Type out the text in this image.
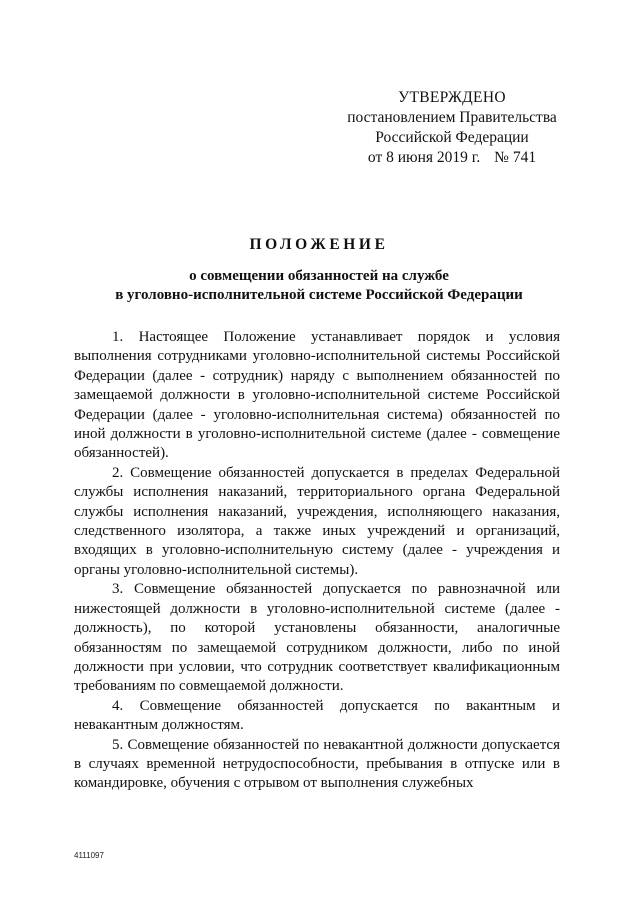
УТВЕРЖДЕНО
постановлением Правительства
Российской Федерации
от 8 июня 2019 г. № 741
ПОЛОЖЕНИЕ
о совмещении обязанностей на службе
в уголовно-исполнительной системе Российской Федерации

1. Настоящее Положение устанавливает порядок и условия выполнения сотрудниками уголовно-исполнительной системы Российской Федерации (далее - сотрудник) наряду с выполнением обязанностей по замещаемой должности в уголовно-исполнительной системе Российской Федерации (далее - уголовно-исполнительная система) обязанностей по иной должности в уголовно-исполнительной системе (далее - совмещение обязанностей).

2. Совмещение обязанностей допускается в пределах Федеральной службы исполнения наказаний, территориального органа Федеральной службы исполнения наказаний, учреждения, исполняющего наказания, следственного изолятора, а также иных учреждений и организаций, входящих в уголовно-исполнительную систему (далее - учреждения и органы уголовно-исполнительной системы).

3. Совмещение обязанностей допускается по равнозначной или нижестоящей должности в уголовно-исполнительной системе (далее - должность), по которой установлены обязанности, аналогичные обязанностям по замещаемой сотрудником должности, либо по иной должности при условии, что сотрудник соответствует квалификационным требованиям по совмещаемой должности.

4. Совмещение обязанностей допускается по вакантным и невакантным должностям.

5. Совмещение обязанностей по невакантной должности допускается в случаях временной нетрудоспособности, пребывания в отпуске или в командировке, обучения с отрывом от выполнения служебных

4111097
